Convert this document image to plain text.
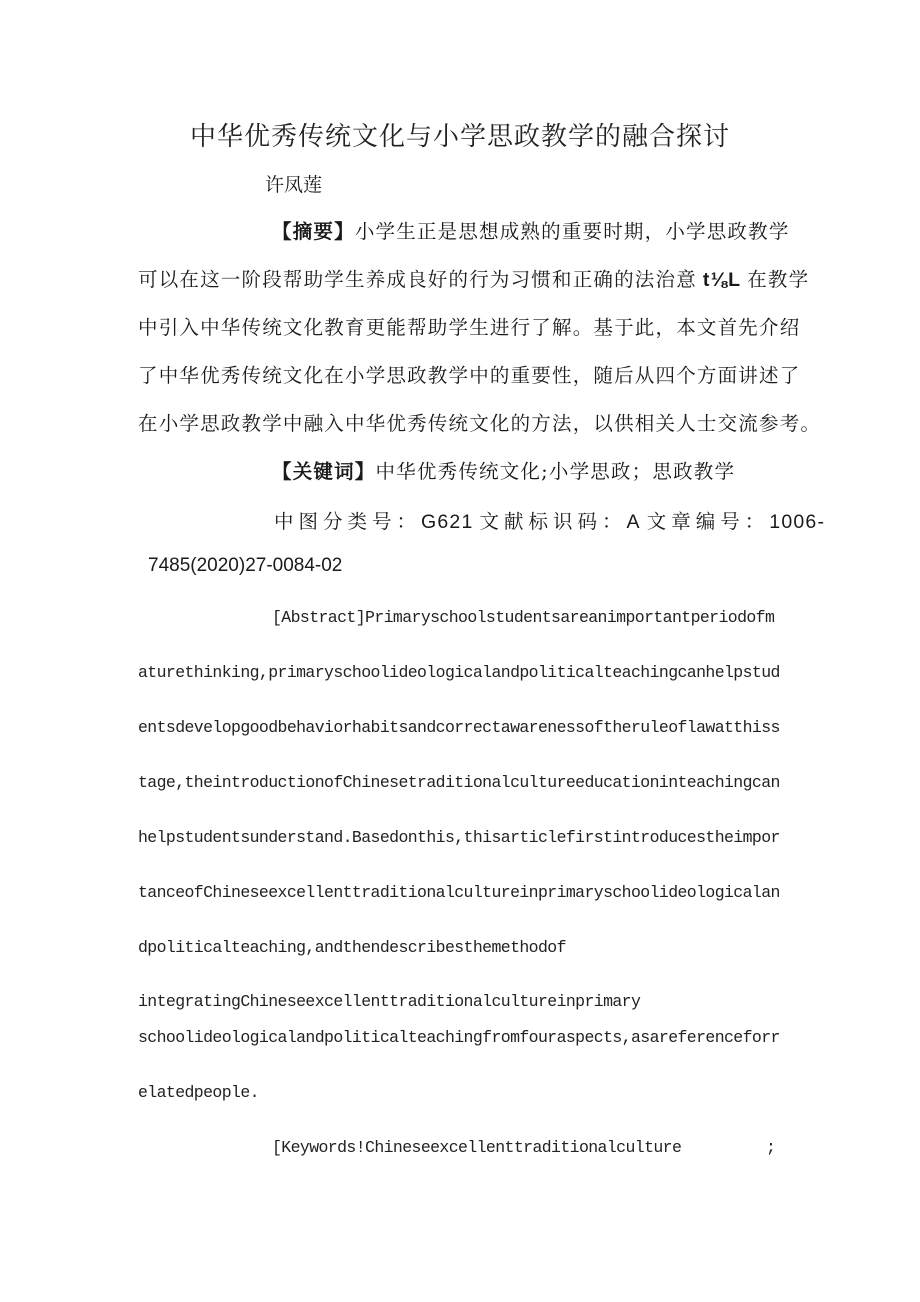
中华优秀传统文化与小学思政教学的融合探讨
许凤莲
【摘要】小学生正是思想成熟的重要时期，小学思政教学
可以在这一阶段帮助学生养成良好的行为习惯和正确的法治意 t⅛L 在教学
中引入中华传统文化教育更能帮助学生进行了解。基于此，本文首先介绍
了中华优秀传统文化在小学思政教学中的重要性，随后从四个方面讲述了
在小学思政教学中融入中华优秀传统文化的方法，以供相关人士交流参考。
【关键词】中华优秀传统文化;小学思政；思政教学
中图分类号：G621 文献标识码：A 文章编号：1006-
7485(2020)27-0084-02
[Abstract]Primaryschoolstudentsareanimportantperiodofm
aturethinking,primaryschoolideologicalandpoliticalteachingcanhelpstud
entsdevelopgoodbehaviorhabitsandcorrectawarenessoftheruleoflawatthiss
tage,theintroductionofChinesetraditionalcultureeducationinteachingcan
helpstudentsunderstand.Basedonthis,thisarticlefirstintroducestheimpor
tanceofChineseexcellenttraditionalcultureinprimaryschoolideologicalan
dpoliticalteaching,andthendescribesthemethodof
integratingChineseexcellenttraditionalcultureinprimary
schoolideologicalandpoliticalteachingfromfouraspects,asareferenceforr
elatedpeople.
[Keywords!Chineseexcellenttraditionalculture	;
